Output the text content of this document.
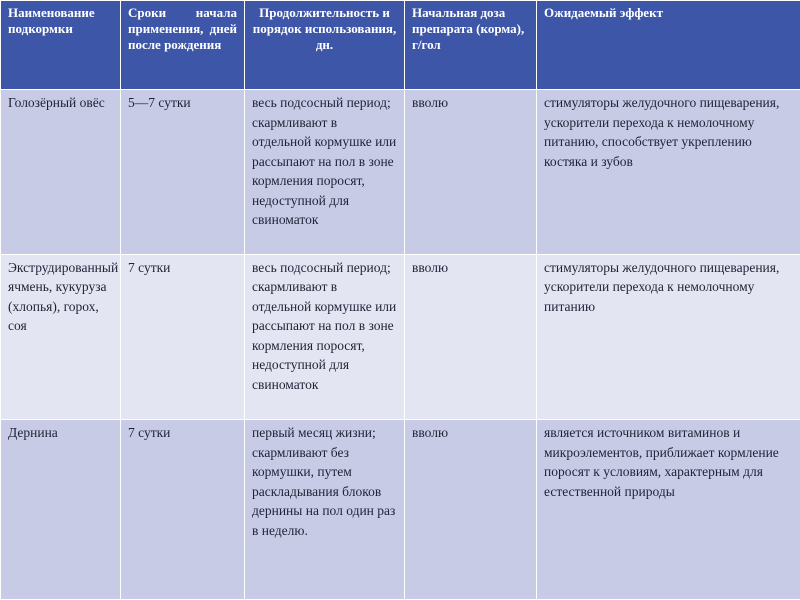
Наименование подкормки	Сроки начала применения, дней после рождения	Продолжительность и порядок использования, дн.	Начальная доза препарата (корма), г/гол	Ожидаемый эффект
Голозёрный овёс	5—7 сутки	весь подсосный период; скармливают в отдельной кормушке или рассыпают на пол в зоне кормления поросят, недоступной для свиноматок	вволю	стимуляторы желудочного пищеварения, ускорители перехода к немолочному питанию, способствует укреплению костяка и зубов
Экструдированный ячмень, кукуруза (хлопья), горох, соя	7 сутки	весь подсосный период; скармливают в отдельной кормушке или рассыпают на пол в зоне кормления поросят, недоступной для свиноматок	вволю	стимуляторы желудочного пищеварения, ускорители перехода к немолочному питанию
Дернина	7 сутки	первый месяц жизни; скармливают без кормушки, путем раскладывания блоков дернины на пол один раз в неделю.	вволю	является источником витаминов и микроэлементов, приближает кормление поросят к условиям, характерным для естественной природы
